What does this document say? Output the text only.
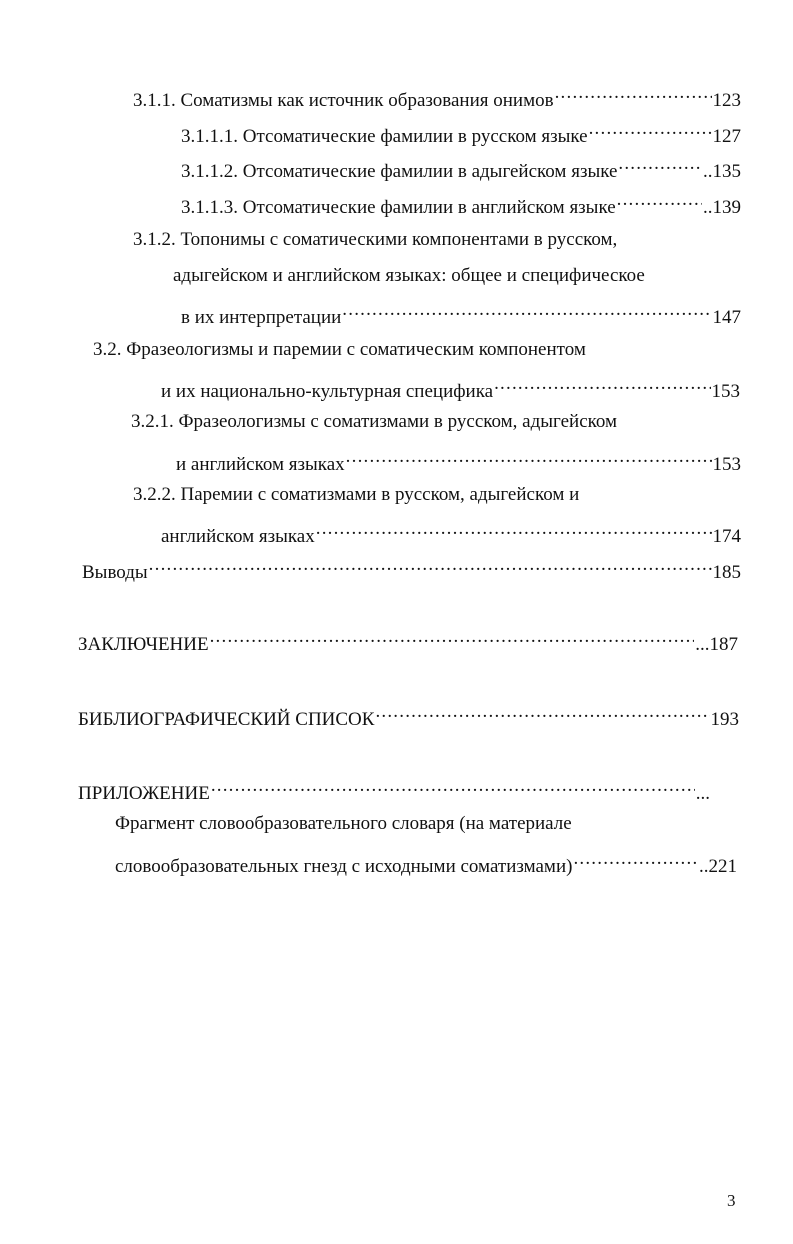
3.1.1. Соматизмы как источник образования онимов .....	123
3.1.1.1. Отсоматические фамилии в русском языке .....	127
3.1.1.2. Отсоматические фамилии в адыгейском языке .....	..135
3.1.1.3. Отсоматические фамилии в английском языке .....	..139
3.1.2. Топонимы с соматическими компонентами в русском,
адыгейском и английском языках: общее и специфическое
в их интерпретации .....	147
3.2. Фразеологизмы и паремии с соматическим компонентом
и их национально-культурная специфика .....	153
3.2.1. Фразеологизмы с соматизмами в русском, адыгейском
и английском языках .....	153
3.2.2. Паремии с соматизмами в русском, адыгейском и
английском языках .....	174
Выводы .....	185
ЗАКЛЮЧЕНИЕ .....	...187
БИБЛИОГРАФИЧЕСКИЙ СПИСОК .....	193
ПРИЛОЖЕНИЕ .....	...
Фрагмент словообразовательного словаря (на материале
словообразовательных гнезд с исходными соматизмами) .....	..221
3
